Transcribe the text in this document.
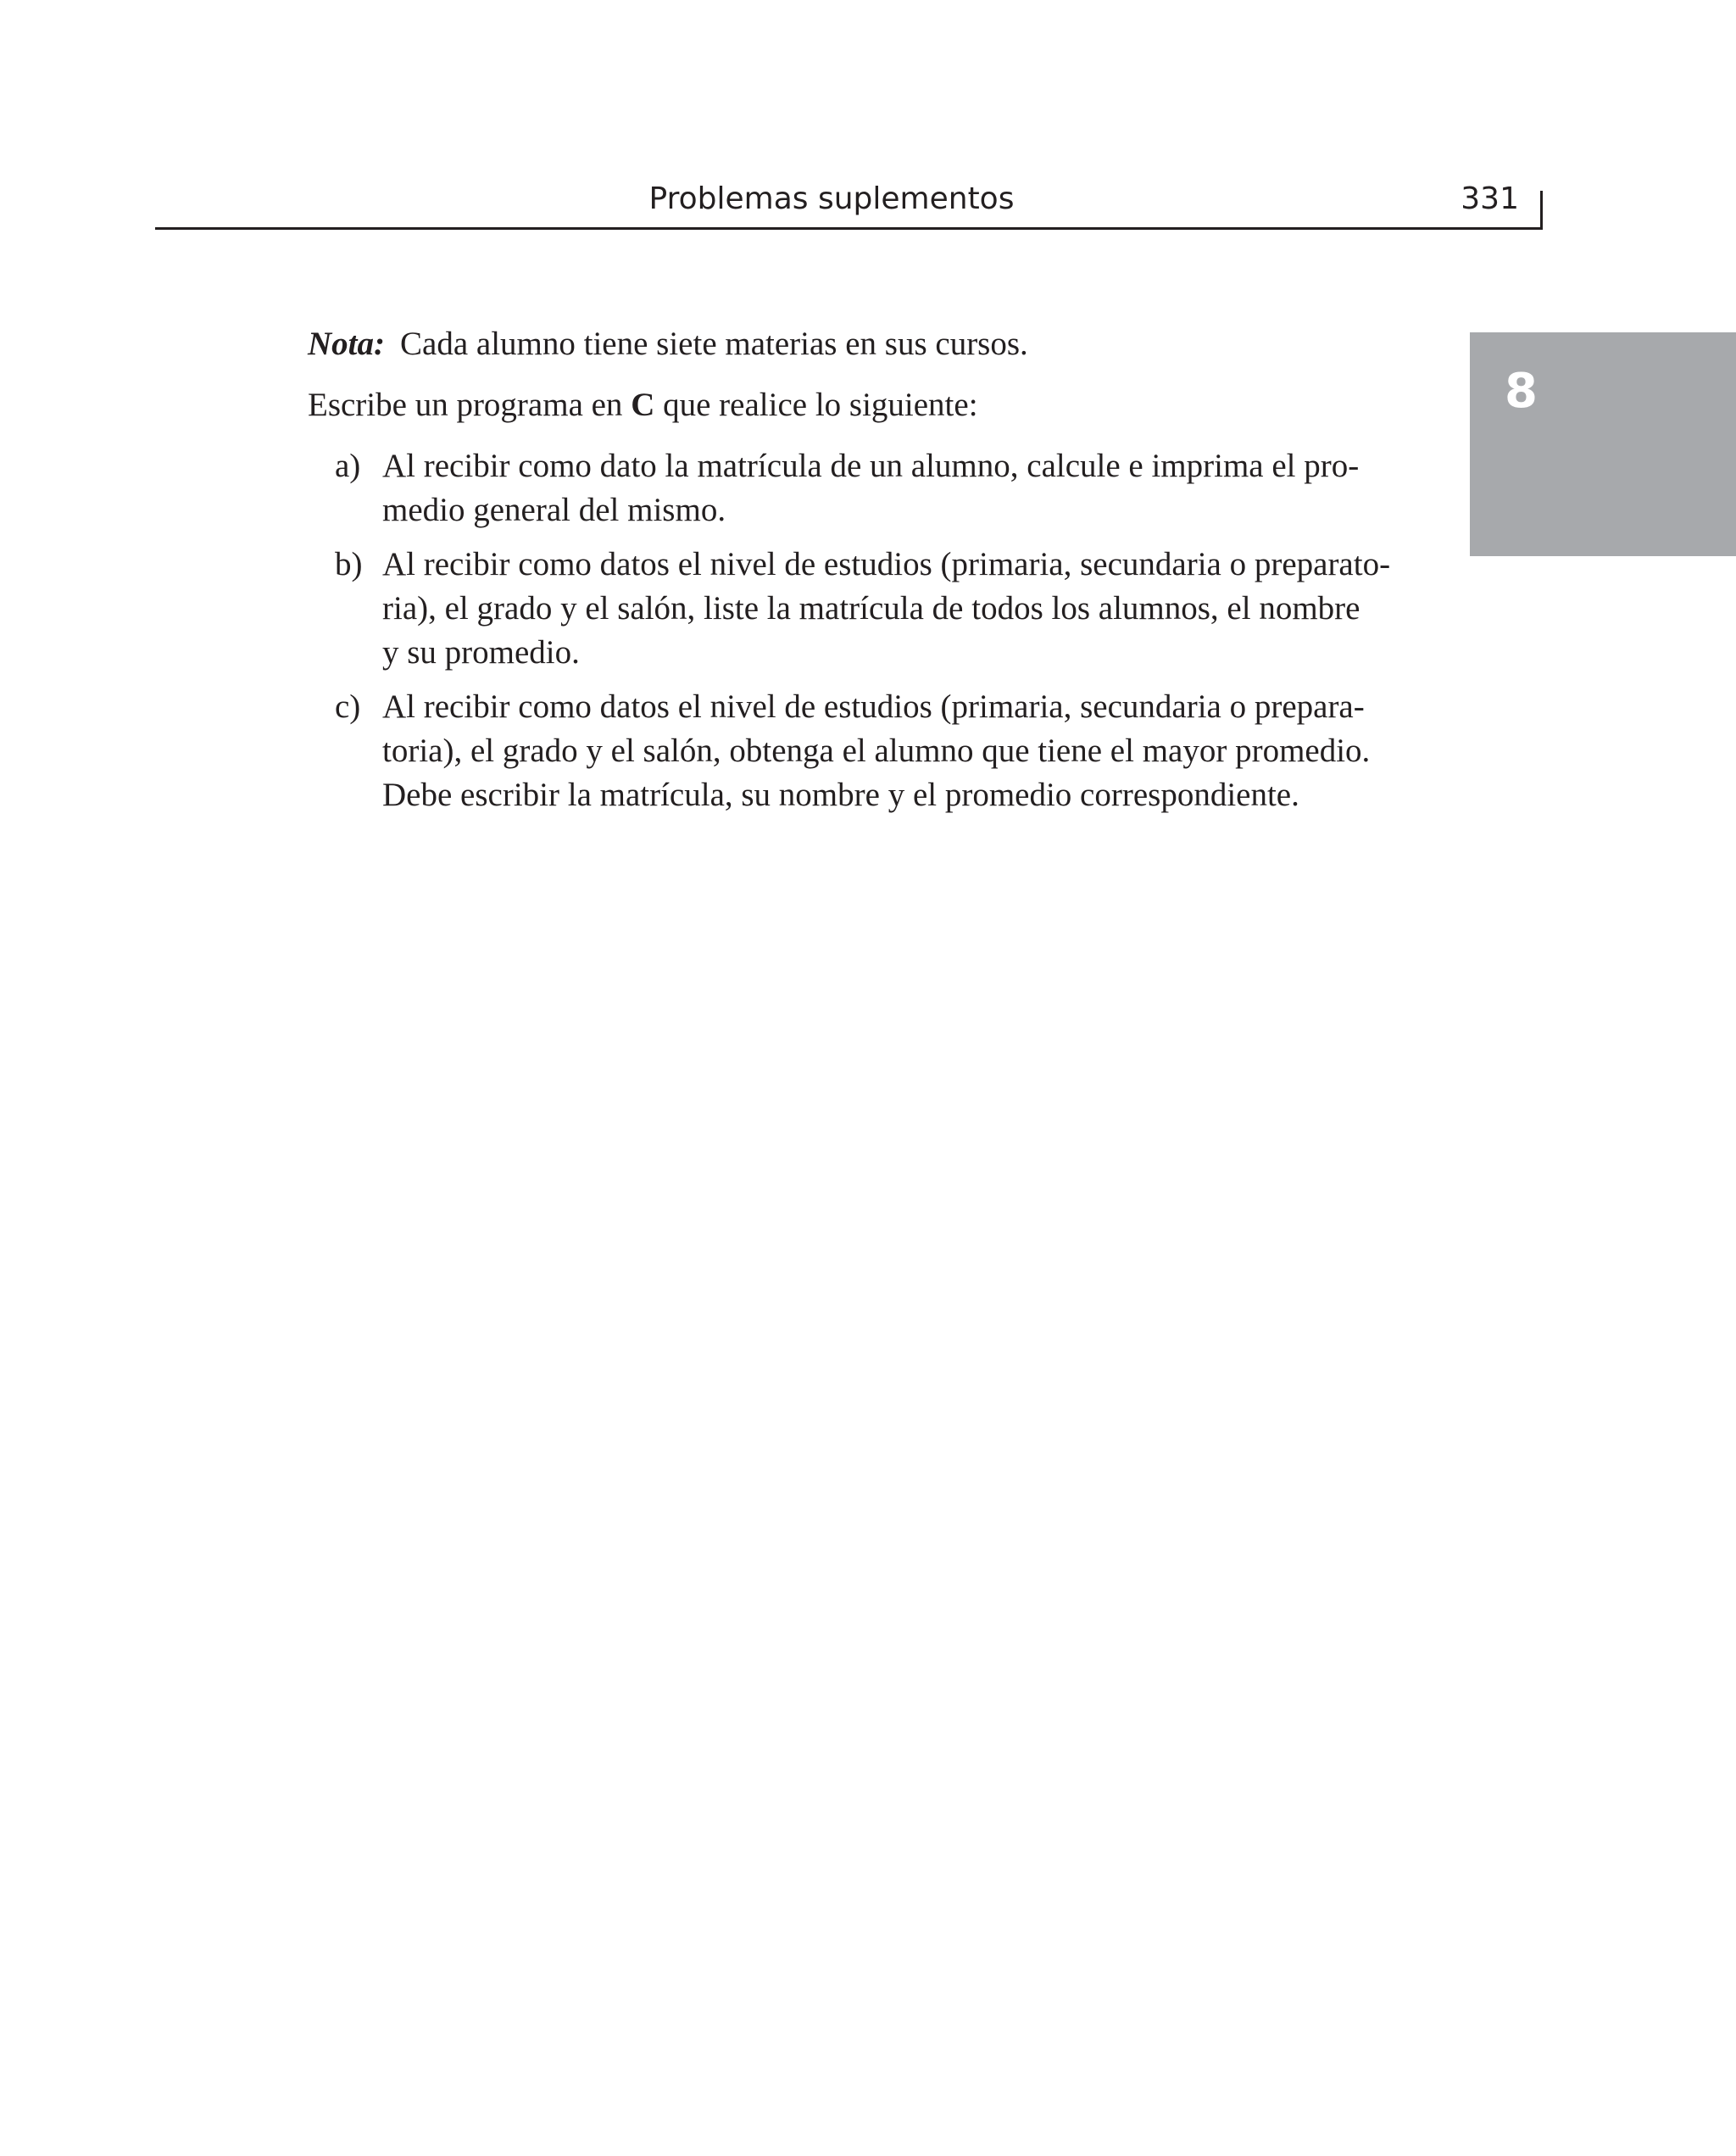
Problemas suplementos	331
8

Nota: Cada alumno tiene siete materias en sus cursos.

Escribe un programa en C que realice lo siguiente:

a) Al recibir como dato la matrícula de un alumno, calcule e imprima el pro-
medio general del mismo.
b) Al recibir como datos el nivel de estudios (primaria, secundaria o preparato-
ria), el grado y el salón, liste la matrícula de todos los alumnos, el nombre
y su promedio.
c) Al recibir como datos el nivel de estudios (primaria, secundaria o prepara-
toria), el grado y el salón, obtenga el alumno que tiene el mayor promedio.
Debe escribir la matrícula, su nombre y el promedio correspondiente.
